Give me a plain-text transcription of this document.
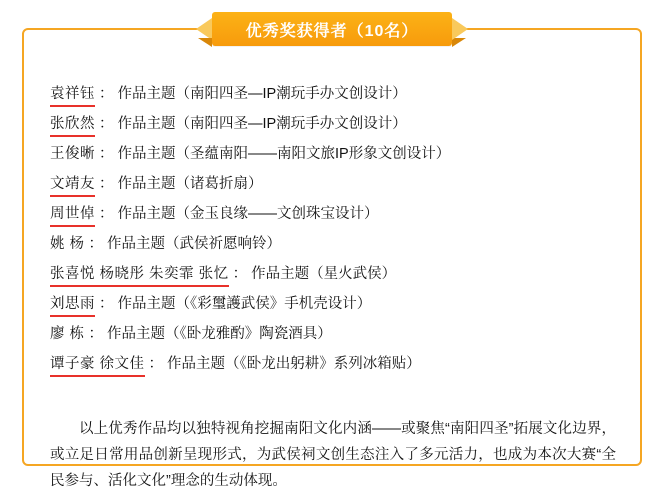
袁祥钰 ： 作品主题（南阳四圣—IP潮玩手办文创设计）
张欣然 ： 作品主题（南阳四圣—IP潮玩手办文创设计）
王俊晰 ： 作品主题（圣蕴南阳——南阳文旅IP形象文创设计）
文靖友 ： 作品主题（诸葛折扇）
周世倬 ： 作品主题（金玉良缘——文创珠宝设计）
姚 杨 ： 作品主题（武侯祈愿响铃）
张喜悦 杨晓彤 朱奕霏 张忆 ： 作品主题（星火武侯）
刘思雨 ： 作品主题（《彩璽護武侯》手机壳设计）
廖 栋 ： 作品主题（《卧龙雅酌》陶瓷酒具）
谭子豪 徐文佳 ： 作品主题（《卧龙出躬耕》系列冰箱贴）
以上优秀作品均以独特视角挖掘南阳文化内涵——或聚焦“南阳四圣”拓展文化边界，或立足日常用品创新呈现形式，为武侯祠文创生态注入了多元活力，也成为本次大赛“全民参与、活化文化”理念的生动体现。
优秀奖获得者（10名）
